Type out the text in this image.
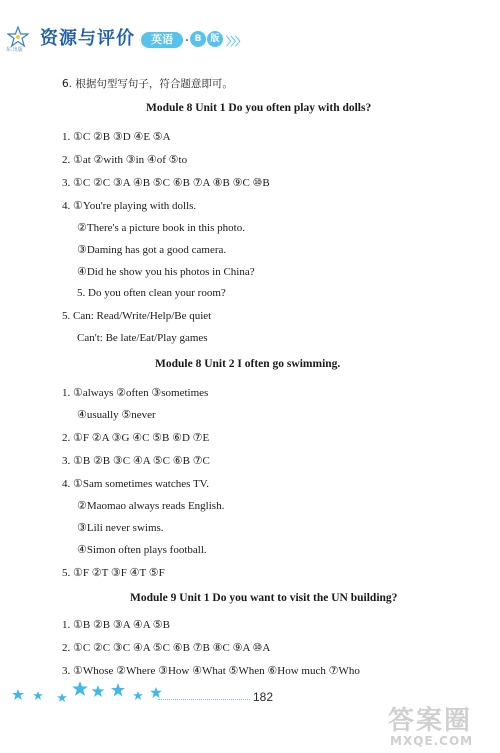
东·出版
资源与评价	英语	· B	版 〉〉〉
6. 根据句型写句子，符合题意即可。
Module 8 Unit 1 Do you often play with dolls?
1. ①C ②B ③D ④E ⑤A
2. ①at ②with ③in ④of ⑤to
3. ①C ②C ③A ④B ⑤C ⑥B ⑦A ⑧B ⑨C ⑩B
4. ①You're playing with dolls.
②There's a picture book in this photo.
③Daming has got a good camera.
④Did he show you his photos in China?
5. Do you often clean your room?
5. Can: Read/Write/Help/Be quiet
Can't: Be late/Eat/Play games
Module 8 Unit 2 I often go swimming.
1. ①always ②often ③sometimes
④usually ⑤never
2. ①F ②A ③G ④C ⑤B ⑥D ⑦E
3. ①B ②B ③C ④A ⑤C ⑥B ⑦C
4. ①Sam sometimes watches TV.
②Maomao always reads English.
③Lili never swims.
④Simon often plays football.
5. ①F ②T ③F ④T ⑤F
Module 9 Unit 1 Do you want to visit the UN building?
1. ①B ②B ③A ④A ⑤B
2. ①C ②C ③C ④A ⑤C ⑥B ⑦B ⑧C ⑨A ⑩A
3. ①Whose ②Where ③How ④What ⑤When ⑥How much ⑦Who
182
答案圈
MXQE.COM
